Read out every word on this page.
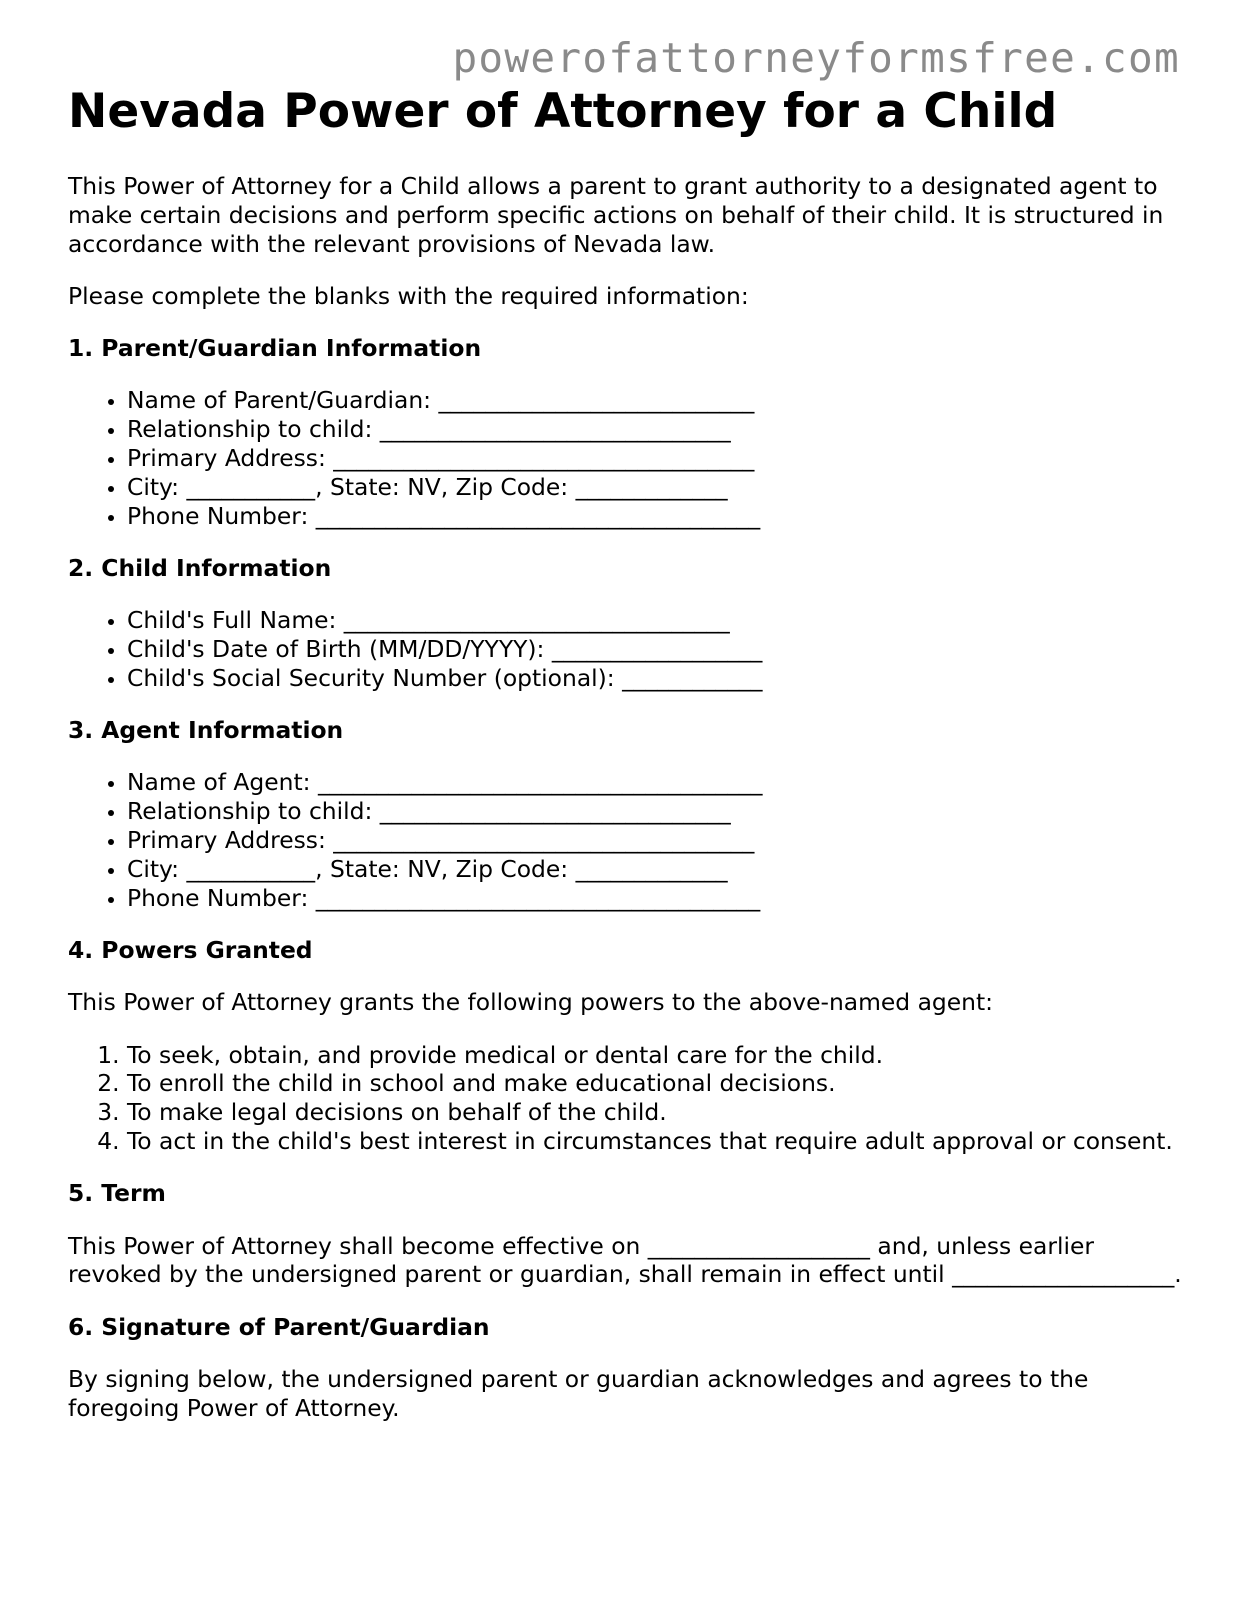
powerofattorneyformsfree.com
Nevada Power of Attorney for a Child

This Power of Attorney for a Child allows a parent to grant authority to a designated agent to make certain decisions and perform specific actions on behalf of their child. It is structured in accordance with the relevant provisions of Nevada law.

Please complete the blanks with the required information:

1. Parent/Guardian Information
• Name of Parent/Guardian: ___________________________
• Relationship to child: ______________________________
• Primary Address: ____________________________________
• City: ___________, State: NV, Zip Code: _____________
• Phone Number: ______________________________________
2. Child Information
• Child's Full Name: _________________________________
• Child's Date of Birth (MM/DD/YYYY): __________________
• Child's Social Security Number (optional): ____________
3. Agent Information
• Name of Agent: ______________________________________
• Relationship to child: ______________________________
• Primary Address: ____________________________________
• City: ___________, State: NV, Zip Code: _____________
• Phone Number: ______________________________________
4. Powers Granted

This Power of Attorney grants the following powers to the above-named agent:

1. To seek, obtain, and provide medical or dental care for the child.
2. To enroll the child in school and make educational decisions.
3. To make legal decisions on behalf of the child.
4. To act in the child's best interest in circumstances that require adult approval or consent.
5. Term

This Power of Attorney shall become effective on ___________________ and, unless earlier revoked by the undersigned parent or guardian, shall remain in effect until ___________________.

6. Signature of Parent/Guardian

By signing below, the undersigned parent or guardian acknowledges and agrees to the foregoing Power of Attorney.
